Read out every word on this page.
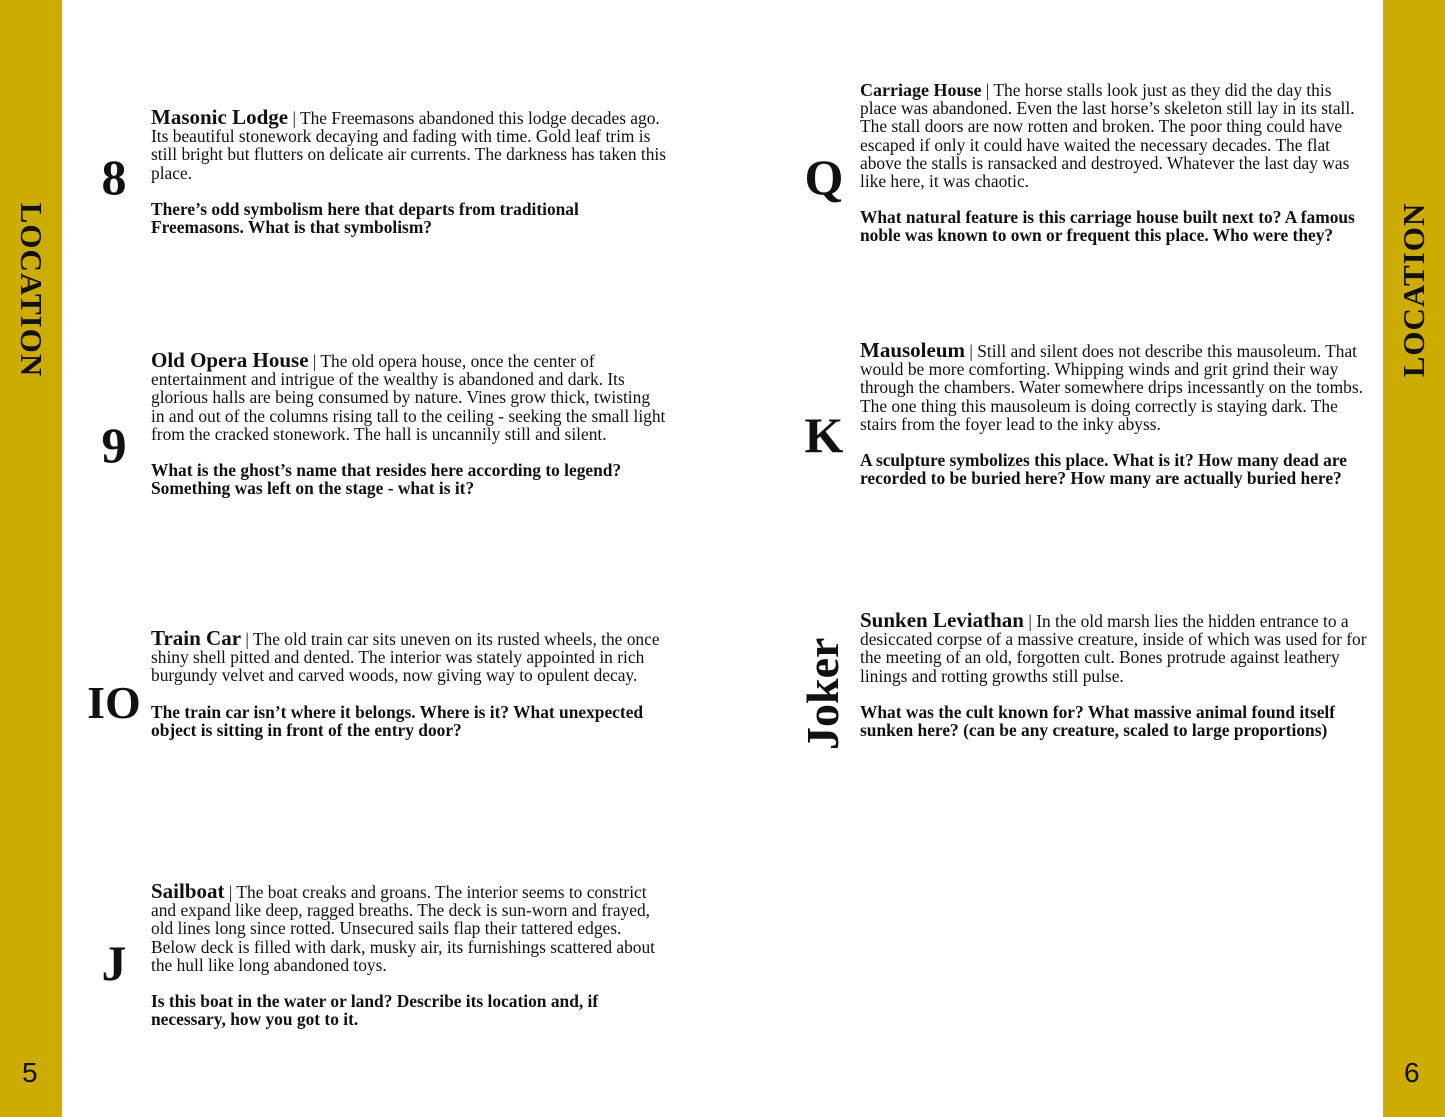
LOCATION	LOCATION
5	6
8

Masonic Lodge | The Freemasons abandoned this lodge decades ago. Its beautiful stonework decaying and fading with time. Gold leaf trim is still bright but flutters on delicate air currents. The darkness has taken this place.

There’s odd symbolism here that departs from traditional Freemasons. What is that symbolism?

9

Old Opera House | The old opera house, once the center of entertainment and intrigue of the wealthy is abandoned and dark. Its glorious halls are being consumed by nature. Vines grow thick, twisting in and out of the columns rising tall to the ceiling - seeking the small light from the cracked stonework. The hall is uncannily still and silent.

What is the ghost’s name that resides here according to legend? Something was left on the stage - what is it?

IO

Train Car | The old train car sits uneven on its rusted wheels, the once shiny shell pitted and dented. The interior was stately appointed in rich burgundy velvet and carved woods, now giving way to opulent decay.

The train car isn’t where it belongs. Where is it? What unexpected object is sitting in front of the entry door?

J

Sailboat | The boat creaks and groans. The interior seems to constrict and expand like deep, ragged breaths. The deck is sun-worn and frayed, old lines long since rotted. Unsecured sails flap their tattered edges. Below deck is filled with dark, musky air, its furnishings scattered about the hull like long abandoned toys.

Is this boat in the water or land? Describe its location and, if necessary, how you got to it.

Q

Carriage House | The horse stalls look just as they did the day this place was abandoned. Even the last horse’s skeleton still lay in its stall. The stall doors are now rotten and broken. The poor thing could have escaped if only it could have waited the necessary decades. The flat above the stalls is ransacked and destroyed. Whatever the last day was like here, it was chaotic.

What natural feature is this carriage house built next to? A famous noble was known to own or frequent this place. Who were they?

K

Mausoleum | Still and silent does not describe this mausoleum. That would be more comforting. Whipping winds and grit grind their way through the chambers. Water somewhere drips incessantly on the tombs. The one thing this mausoleum is doing correctly is staying dark. The stairs from the foyer lead to the inky abyss.

A sculpture symbolizes this place. What is it? How many dead are recorded to be buried here? How many are actually buried here?

Joker

Sunken Leviathan | In the old marsh lies the hidden entrance to a desiccated corpse of a massive creature, inside of which was used for for the meeting of an old, forgotten cult. Bones protrude against leathery linings and rotting growths still pulse.

What was the cult known for? What massive animal found itself sunken here? (can be any creature, scaled to large proportions)
